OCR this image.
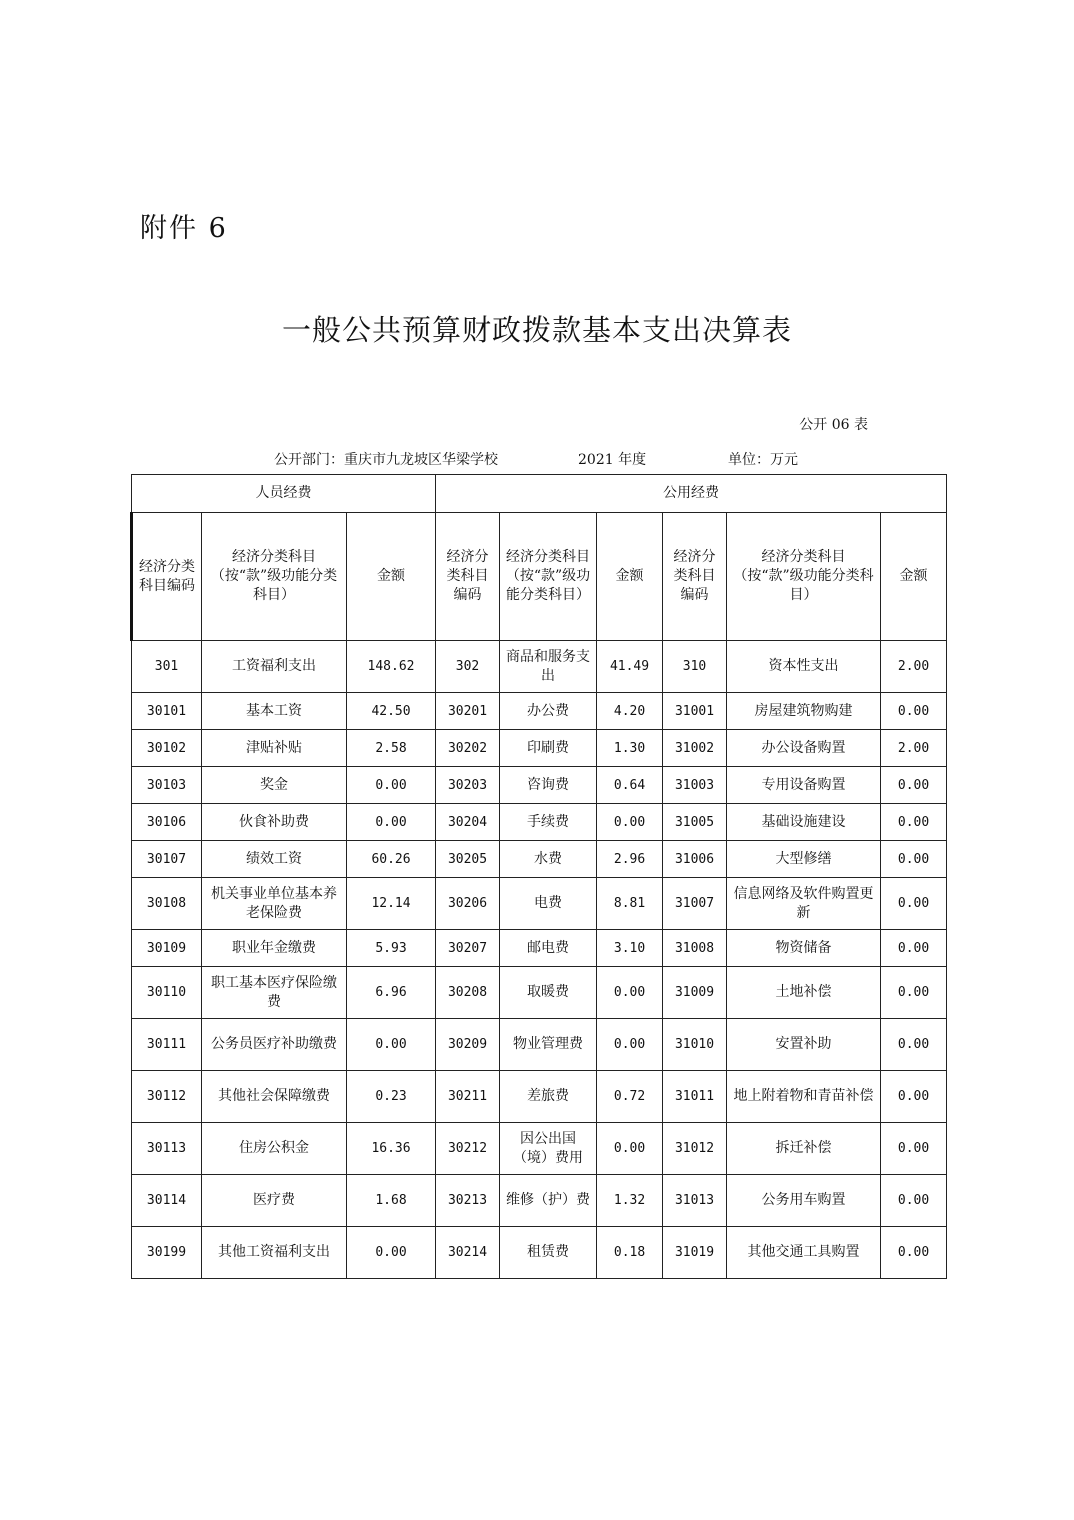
附件 6
一般公共预算财政拨款基本支出决算表
公开 06 表
公开部门：重庆市九龙坡区华梁学校	2021 年度	单位：万元
人员经费			公用经费					
经济分类科目编码	经济分类科目（按“款”级功能分类科目）	金额	经济分类科目编码	经济分类科目（按“款”级功能分类科目）	金额	经济分类科目编码	经济分类科目（按“款”级功能分类科目）	金额
301	工资福利支出	148.62	302	商品和服务支出	41.49	310	资本性支出	2.00
30101	基本工资	42.50	30201	办公费	4.20	31001	房屋建筑物购建	0.00
30102	津贴补贴	2.58	30202	印刷费	1.30	31002	办公设备购置	2.00
30103	奖金	0.00	30203	咨询费	0.64	31003	专用设备购置	0.00
30106	伙食补助费	0.00	30204	手续费	0.00	31005	基础设施建设	0.00
30107	绩效工资	60.26	30205	水费	2.96	31006	大型修缮	0.00
30108	机关事业单位基本养老保险费	12.14	30206	电费	8.81	31007	信息网络及软件购置更新	0.00
30109	职业年金缴费	5.93	30207	邮电费	3.10	31008	物资储备	0.00
30110	职工基本医疗保险缴费	6.96	30208	取暖费	0.00	31009	土地补偿	0.00
30111	公务员医疗补助缴费	0.00	30209	物业管理费	0.00	31010	安置补助	0.00
30112	其他社会保障缴费	0.23	30211	差旅费	0.72	31011	地上附着物和青苗补偿	0.00
30113	住房公积金	16.36	30212	因公出国（境）费用	0.00	31012	拆迁补偿	0.00
30114	医疗费	1.68	30213	维修（护）费	1.32	31013	公务用车购置	0.00
30199	其他工资福利支出	0.00	30214	租赁费	0.18	31019	其他交通工具购置	0.00
